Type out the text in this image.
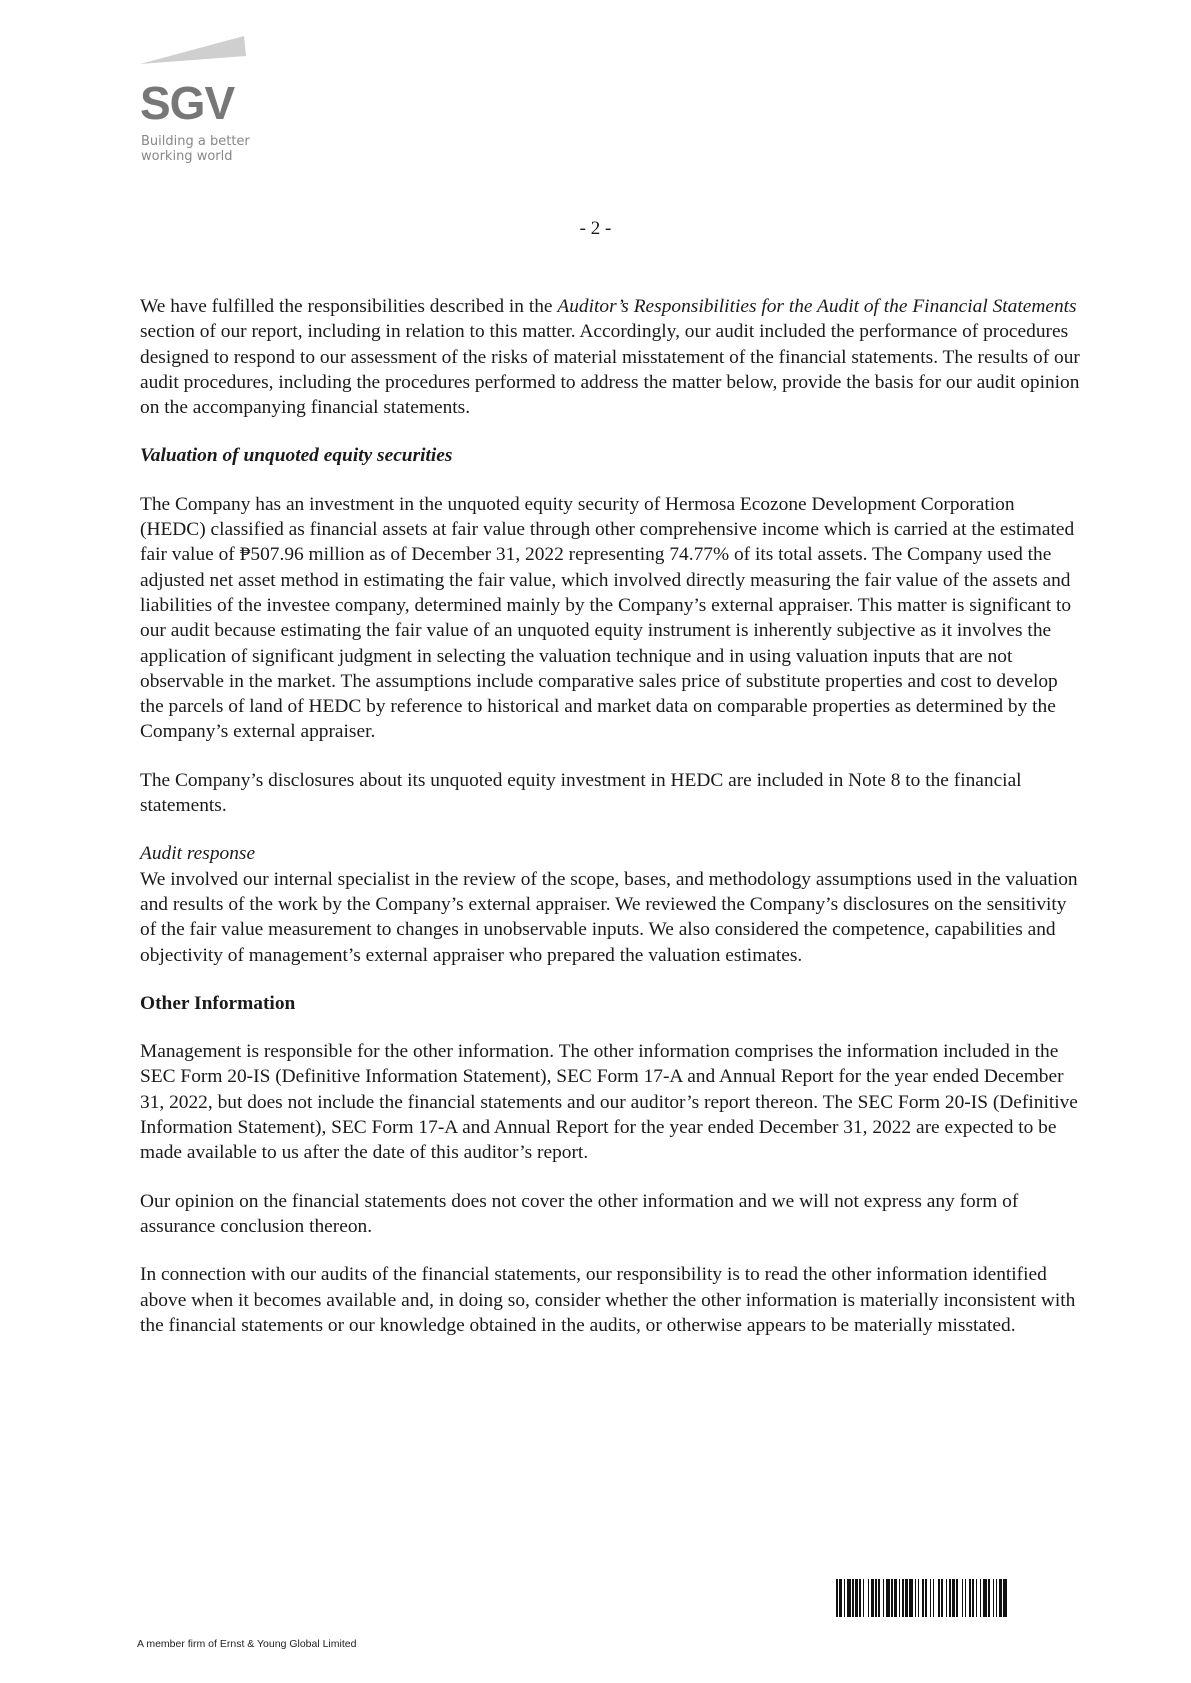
SGV
Building a better
working world
- 2 -

We have fulfilled the responsibilities described in the Auditor’s Responsibilities for the Audit of the Financial Statements section of our report, including in relation to this matter. Accordingly, our audit included the performance of procedures designed to respond to our assessment of the risks of material misstatement of the financial statements. The results of our audit procedures, including the procedures performed to address the matter below, provide the basis for our audit opinion on the accompanying financial statements.

Valuation of unquoted equity securities

The Company has an investment in the unquoted equity security of Hermosa Ecozone Development Corporation (HEDC) classified as financial assets at fair value through other comprehensive income which is carried at the estimated fair value of ₱507.96 million as of December 31, 2022 representing 74.77% of its total assets. The Company used the adjusted net asset method in estimating the fair value, which involved directly measuring the fair value of the assets and liabilities of the investee company, determined mainly by the Company’s external appraiser. This matter is significant to our audit because estimating the fair value of an unquoted equity instrument is inherently subjective as it involves the application of significant judgment in selecting the valuation technique and in using valuation inputs that are not observable in the market. The assumptions include comparative sales price of substitute properties and cost to develop the parcels of land of HEDC by reference to historical and market data on comparable properties as determined by the Company’s external appraiser.

The Company’s disclosures about its unquoted equity investment in HEDC are included in Note 8 to the financial statements.

Audit response
We involved our internal specialist in the review of the scope, bases, and methodology assumptions used in the valuation and results of the work by the Company’s external appraiser. We reviewed the Company’s disclosures on the sensitivity of the fair value measurement to changes in unobservable inputs. We also considered the competence, capabilities and objectivity of management’s external appraiser who prepared the valuation estimates.

Other Information

Management is responsible for the other information. The other information comprises the information included in the SEC Form 20-IS (Definitive Information Statement), SEC Form 17-A and Annual Report for the year ended December 31, 2022, but does not include the financial statements and our auditor’s report thereon. The SEC Form 20-IS (Definitive Information Statement), SEC Form 17-A and Annual Report for the year ended December 31, 2022 are expected to be made available to us after the date of this auditor’s report.

Our opinion on the financial statements does not cover the other information and we will not express any form of assurance conclusion thereon.

In connection with our audits of the financial statements, our responsibility is to read the other information identified above when it becomes available and, in doing so, consider whether the other information is materially inconsistent with the financial statements or our knowledge obtained in the audits, or otherwise appears to be materially misstated.

A member firm of Ernst & Young Global Limited
